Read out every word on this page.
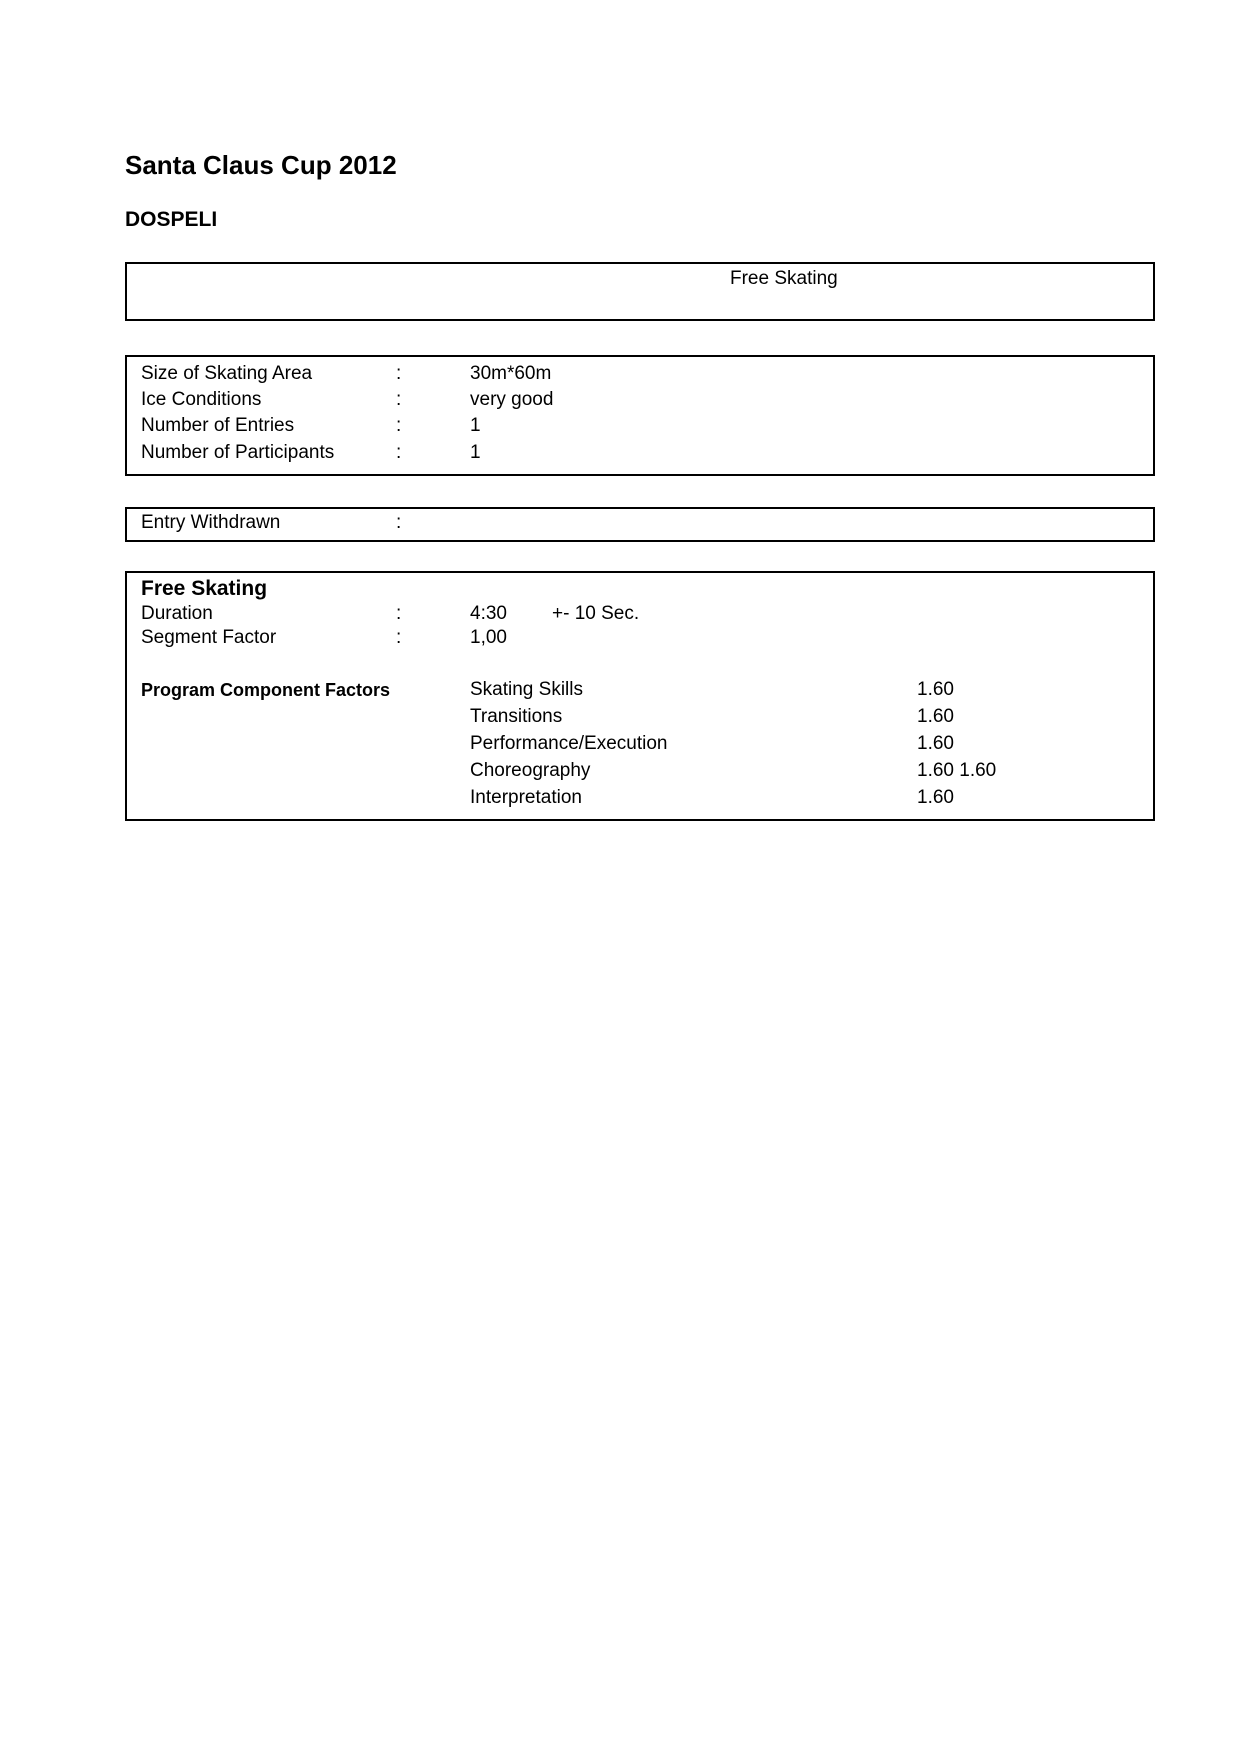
Santa Claus Cup 2012
DOSPELI
Free Skating
Size of Skating Area	:	30m*60m
Ice Conditions	:	very good
Number of Entries	:	1
Number of Participants	:	1
Entry Withdrawn	:
Free Skating
Duration	:	4:30 +- 10 Sec.
Segment Factor	:	1,00
Program Component Factors	Skating Skills	1.60
Transitions	1.60
Performance/Execution	1.60
Choreography	1.60 1.60
Interpretation	1.60
